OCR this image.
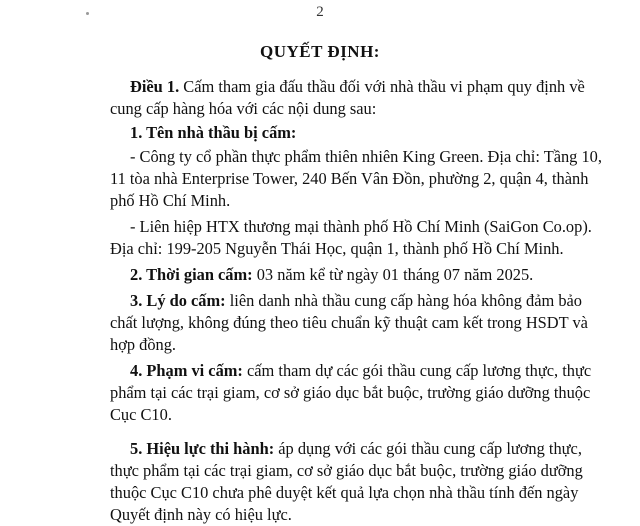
2
QUYẾT ĐỊNH:

Điều 1. Cấm tham gia đấu thầu đối với nhà thầu vi phạm quy định về cung cấp hàng hóa với các nội dung sau:

1. Tên nhà thầu bị cấm:

- Công ty cổ phần thực phẩm thiên nhiên King Green. Địa chỉ: Tầng 10, 11 tòa nhà Enterprise Tower, 240 Bến Vân Đồn, phường 2, quận 4, thành phố Hồ Chí Minh.

- Liên hiệp HTX thương mại thành phố Hồ Chí Minh (SaiGon Co.op). Địa chỉ: 199-205 Nguyễn Thái Học, quận 1, thành phố Hồ Chí Minh.

2. Thời gian cấm: 03 năm kể từ ngày 01 tháng 07 năm 2025.

3. Lý do cấm: liên danh nhà thầu cung cấp hàng hóa không đảm bảo chất lượng, không đúng theo tiêu chuẩn kỹ thuật cam kết trong HSDT và hợp đồng.

4. Phạm vi cấm: cấm tham dự các gói thầu cung cấp lương thực, thực phẩm tại các trại giam, cơ sở giáo dục bắt buộc, trường giáo dưỡng thuộc Cục C10.

5. Hiệu lực thi hành: áp dụng với các gói thầu cung cấp lương thực, thực phẩm tại các trại giam, cơ sở giáo dục bắt buộc, trường giáo dưỡng thuộc Cục C10 chưa phê duyệt kết quả lựa chọn nhà thầu tính đến ngày Quyết định này có hiệu lực.
